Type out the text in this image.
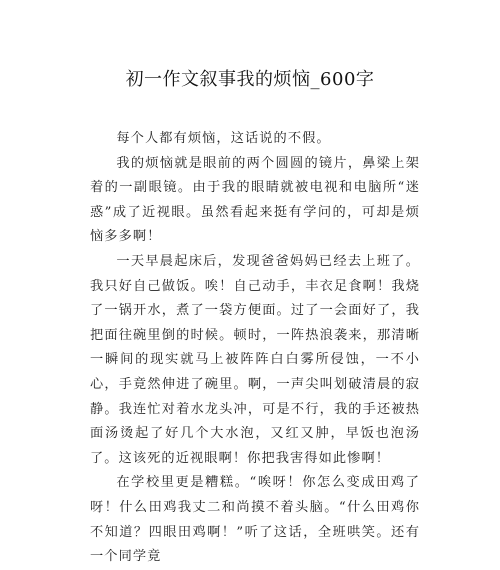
初一作文叙事我的烦恼_600字

每个人都有烦恼，这话说的不假。

我的烦恼就是眼前的两个圆圆的镜片，鼻梁上架着的一副眼镜。由于我的眼睛就被电视和电脑所“迷惑”成了近视眼。虽然看起来挺有学问的，可却是烦恼多多啊！

一天早晨起床后，发现爸爸妈妈已经去上班了。我只好自己做饭。唉！自己动手，丰衣足食啊！我烧了一锅开水，煮了一袋方便面。过了一会面好了，我把面往碗里倒的时候。顿时，一阵热浪袭来，那清晰一瞬间的现实就马上被阵阵白白雾所侵蚀，一不小心，手竟然伸进了碗里。啊，一声尖叫划破清晨的寂静。我连忙对着水龙头冲，可是不行，我的手还被热面汤烫起了好几个大水泡，又红又肿，早饭也泡汤了。这该死的近视眼啊！你把我害得如此惨啊！

在学校里更是糟糕。“唉呀！你怎么变成田鸡了呀！什么田鸡我丈二和尚摸不着头脑。“什么田鸡你不知道？四眼田鸡啊！”听了这话，全班哄笑。还有一个同学竟
